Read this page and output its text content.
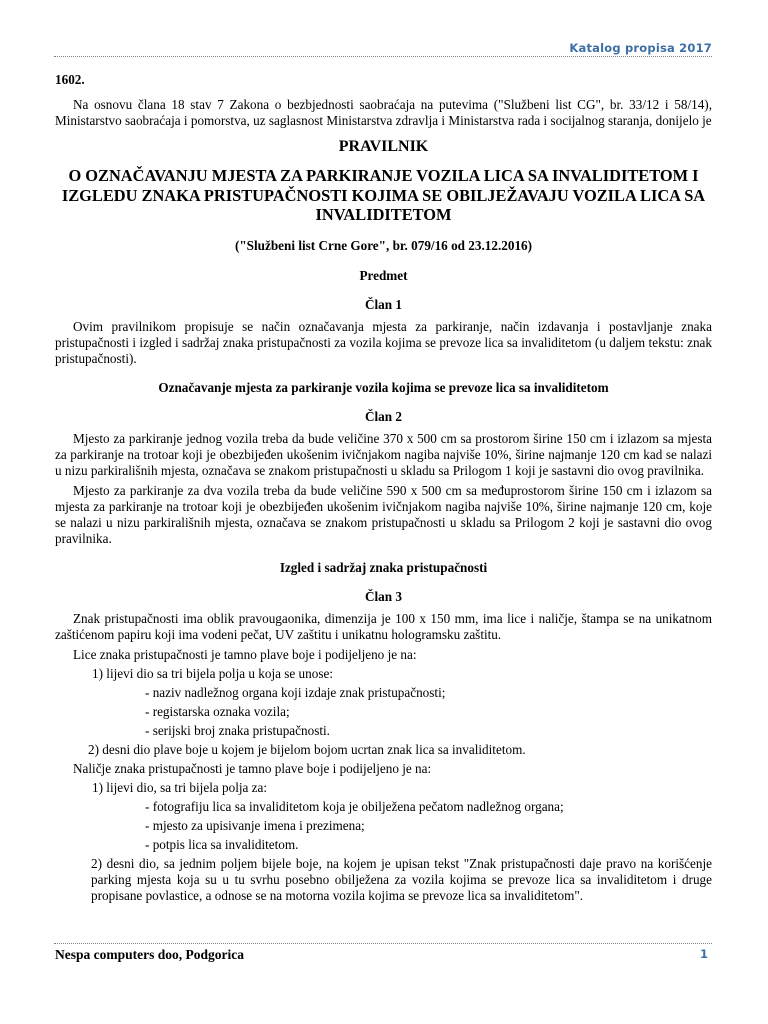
Katalog propisa 2017

1602.

Na osnovu člana 18 stav 7 Zakona o bezbjednosti saobraćaja na putevima ("Službeni list CG", br. 33/12 i 58/14), Ministarstvo saobraćaja i pomorstva, uz saglasnost Ministarstva zdravlja i Ministarstva rada i socijalnog staranja, donijelo je

PRAVILNIK

O OZNAČAVANJU MJESTA ZA PARKIRANJE VOZILA LICA SA INVALIDITETOM I IZGLEDU ZNAKA PRISTUPAČNOSTI KOJIMA SE OBILJEŽAVAJU VOZILA LICA SA INVALIDITETOM

("Službeni list Crne Gore", br. 079/16 od 23.12.2016)

Predmet

Član 1

Ovim pravilnikom propisuje se način označavanja mjesta za parkiranje, način izdavanja i postavljanje znaka pristupačnosti i izgled i sadržaj znaka pristupačnosti za vozila kojima se prevoze lica sa invaliditetom (u daljem tekstu: znak pristupačnosti).

Označavanje mjesta za parkiranje vozila kojima se prevoze lica sa invaliditetom

Član 2

Mjesto za parkiranje jednog vozila treba da bude veličine 370 x 500 cm sa prostorom širine 150 cm i izlazom sa mjesta za parkiranje na trotoar koji je obezbijeđen ukošenim ivičnjakom nagiba najviše 10%, širine najmanje 120 cm kad se nalazi u nizu parkirališnih mjesta, označava se znakom pristupačnosti u skladu sa Prilogom 1 koji je sastavni dio ovog pravilnika.

Mjesto za parkiranje za dva vozila treba da bude veličine 590 x 500 cm sa međuprostorom širine 150 cm i izlazom sa mjesta za parkiranje na trotoar koji je obezbijeđen ukošenim ivičnjakom nagiba najviše 10%, širine najmanje 120 cm, koje se nalazi u nizu parkirališnih mjesta, označava se znakom pristupačnosti u skladu sa Prilogom 2 koji je sastavni dio ovog pravilnika.

Izgled i sadržaj znaka pristupačnosti

Član 3

Znak pristupačnosti ima oblik pravougaonika, dimenzija je 100 x 150 mm, ima lice i naličje, štampa se na unikatnom zaštićenom papiru koji ima vodeni pečat, UV zaštitu i unikatnu hologramsku zaštitu.

Lice znaka pristupačnosti je tamno plave boje i podijeljeno je na:

1) lijevi dio sa tri bijela polja u koja se unose:

- naziv nadležnog organa koji izdaje znak pristupačnosti;

- registarska oznaka vozila;

- serijski broj znaka pristupačnosti.

2) desni dio plave boje u kojem je bijelom bojom ucrtan znak lica sa invaliditetom.

Naličje znaka pristupačnosti je tamno plave boje i podijeljeno je na:

1) lijevi dio, sa tri bijela polja za:

- fotografiju lica sa invaliditetom koja je obilježena pečatom nadležnog organa;

- mjesto za upisivanje imena i prezimena;

- potpis lica sa invaliditetom.

2) desni dio, sa jednim poljem bijele boje, na kojem je upisan tekst "Znak pristupačnosti daje pravo na korišćenje parking mjesta koja su u tu svrhu posebno obilježena za vozila kojima se prevoze lica sa invaliditetom i druge propisane povlastice, a odnose se na motorna vozila kojima se prevoze lica sa invaliditetom".

Nespa computers doo, Podgorica	1
